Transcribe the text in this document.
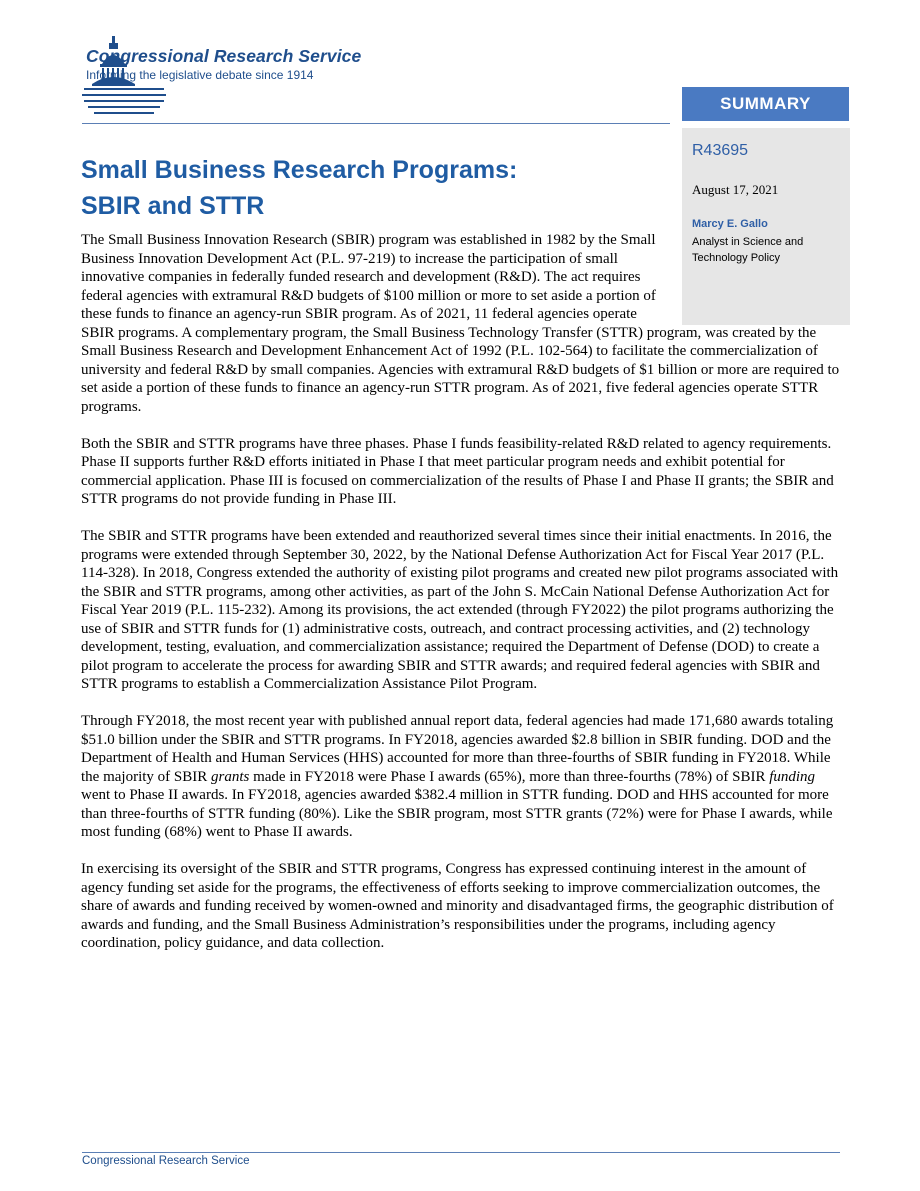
Congressional Research Service
Informing the legislative debate since 1914
SUMMARY
R43695
August 17, 2021
Marcy E. Gallo
Analyst in Science and Technology Policy
Small Business Research Programs:
SBIR and STTR

The Small Business Innovation Research (SBIR) program was established in 1982 by the Small Business Innovation Development Act (P.L. 97-219) to increase the participation of small innovative companies in federally funded research and development (R&D). The act requires federal agencies with extramural R&D budgets of $100 million or more to set aside a portion of these funds to finance an agency-run SBIR program. As of 2021, 11 federal agencies operate SBIR programs. A complementary program, the Small Business Technology Transfer (STTR) program, was created by the Small Business Research and Development Enhancement Act of 1992 (P.L. 102-564) to facilitate the commercialization of university and federal R&D by small companies. Agencies with extramural R&D budgets of $1 billion or more are required to set aside a portion of these funds to finance an agency-run STTR program. As of 2021, five federal agencies operate STTR programs.

Both the SBIR and STTR programs have three phases. Phase I funds feasibility-related R&D related to agency requirements. Phase II supports further R&D efforts initiated in Phase I that meet particular program needs and exhibit potential for commercial application. Phase III is focused on commercialization of the results of Phase I and Phase II grants; the SBIR and STTR programs do not provide funding in Phase III.

The SBIR and STTR programs have been extended and reauthorized several times since their initial enactments. In 2016, the programs were extended through September 30, 2022, by the National Defense Authorization Act for Fiscal Year 2017 (P.L. 114-328). In 2018, Congress extended the authority of existing pilot programs and created new pilot programs associated with the SBIR and STTR programs, among other activities, as part of the John S. McCain National Defense Authorization Act for Fiscal Year 2019 (P.L. 115-232). Among its provisions, the act extended (through FY2022) the pilot programs authorizing the use of SBIR and STTR funds for (1) administrative costs, outreach, and contract processing activities, and (2) technology development, testing, evaluation, and commercialization assistance; required the Department of Defense (DOD) to create a pilot program to accelerate the process for awarding SBIR and STTR awards; and required federal agencies with SBIR and STTR programs to establish a Commercialization Assistance Pilot Program.

Through FY2018, the most recent year with published annual report data, federal agencies had made 171,680 awards totaling $51.0 billion under the SBIR and STTR programs. In FY2018, agencies awarded $2.8 billion in SBIR funding. DOD and the Department of Health and Human Services (HHS) accounted for more than three-fourths of SBIR funding in FY2018. While the majority of SBIR grants made in FY2018 were Phase I awards (65%), more than three-fourths (78%) of SBIR funding went to Phase II awards. In FY2018, agencies awarded $382.4 million in STTR funding. DOD and HHS accounted for more than three-fourths of STTR funding (80%). Like the SBIR program, most STTR grants (72%) were for Phase I awards, while most funding (68%) went to Phase II awards.

In exercising its oversight of the SBIR and STTR programs, Congress has expressed continuing interest in the amount of agency funding set aside for the programs, the effectiveness of efforts seeking to improve commercialization outcomes, the share of awards and funding received by women-owned and minority and disadvantaged firms, the geographic distribution of awards and funding, and the Small Business Administration’s responsibilities under the programs, including agency coordination, policy guidance, and data collection.

Congressional Research Service
